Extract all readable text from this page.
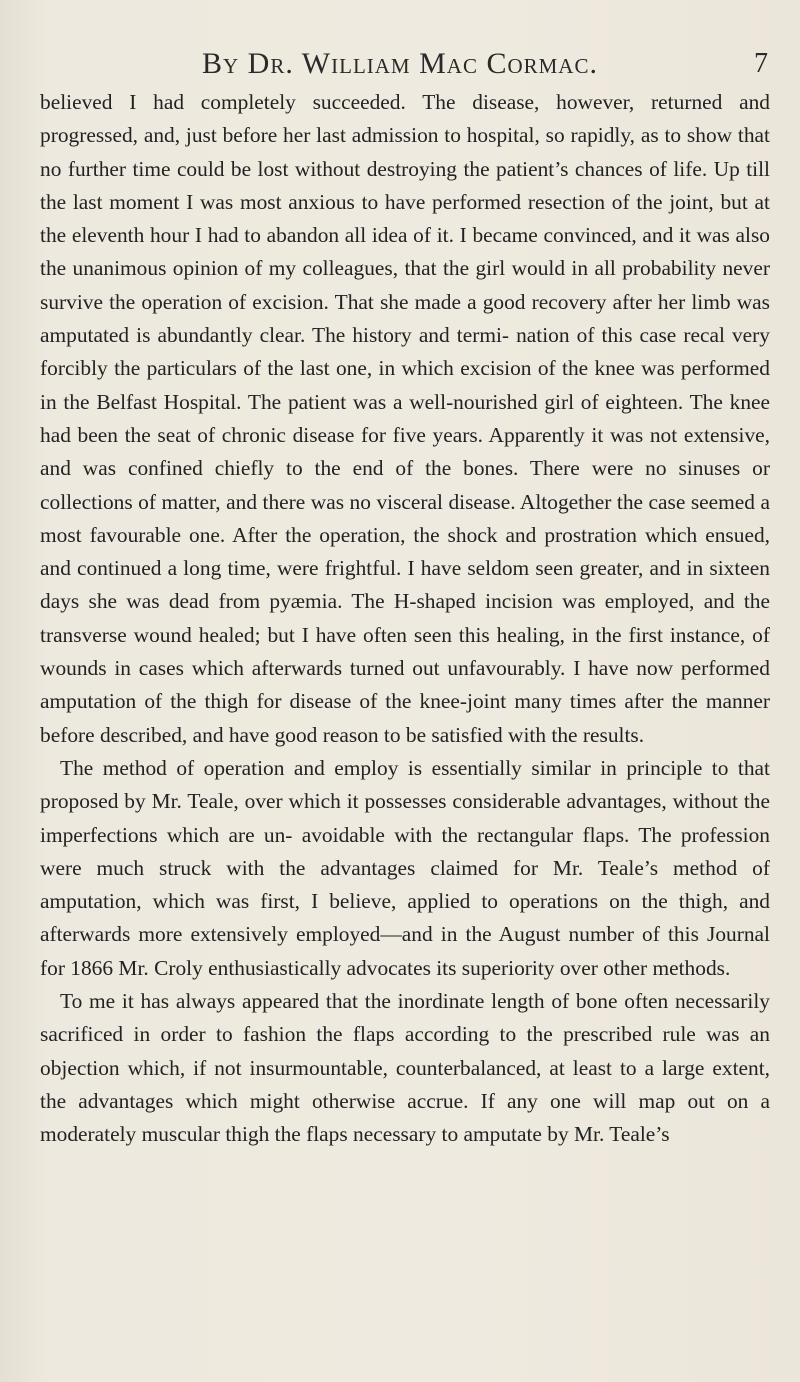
By Dr. William Mac Cormac.	7

believed I had completely succeeded. The disease, however, returned and progressed, and, just before her last admission to hospital, so rapidly, as to show that no further time could be lost without destroying the patient’s chances of life. Up till the last moment I was most anxious to have performed resection of the joint, but at the eleventh hour I had to abandon all idea of it. I became convinced, and it was also the unanimous opinion of my colleagues, that the girl would in all probability never survive the operation of excision. That she made a good recovery after her limb was amputated is abundantly clear. The history and termi- nation of this case recal very forcibly the particulars of the last one, in which excision of the knee was performed in the Belfast Hospital. The patient was a well-nourished girl of eighteen. The knee had been the seat of chronic disease for five years. Apparently it was not extensive, and was confined chiefly to the end of the bones. There were no sinuses or collections of matter, and there was no visceral disease. Altogether the case seemed a most favourable one. After the operation, the shock and prostration which ensued, and continued a long time, were frightful. I have seldom seen greater, and in sixteen days she was dead from pyæmia. The H-shaped incision was employed, and the transverse wound healed; but I have often seen this healing, in the first instance, of wounds in cases which afterwards turned out unfavourably. I have now performed amputation of the thigh for disease of the knee-joint many times after the manner before described, and have good reason to be satisfied with the results.

The method of operation and employ is essentially similar in principle to that proposed by Mr. Teale, over which it possesses considerable advantages, without the imperfections which are un- avoidable with the rectangular flaps. The profession were much struck with the advantages claimed for Mr. Teale’s method of amputation, which was first, I believe, applied to operations on the thigh, and afterwards more extensively employed—and in the August number of this Journal for 1866 Mr. Croly enthusiastically advocates its superiority over other methods.

To me it has always appeared that the inordinate length of bone often necessarily sacrificed in order to fashion the flaps according to the prescribed rule was an objection which, if not insurmountable, counterbalanced, at least to a large extent, the advantages which might otherwise accrue. If any one will map out on a moderately muscular thigh the flaps necessary to amputate by Mr. Teale’s
